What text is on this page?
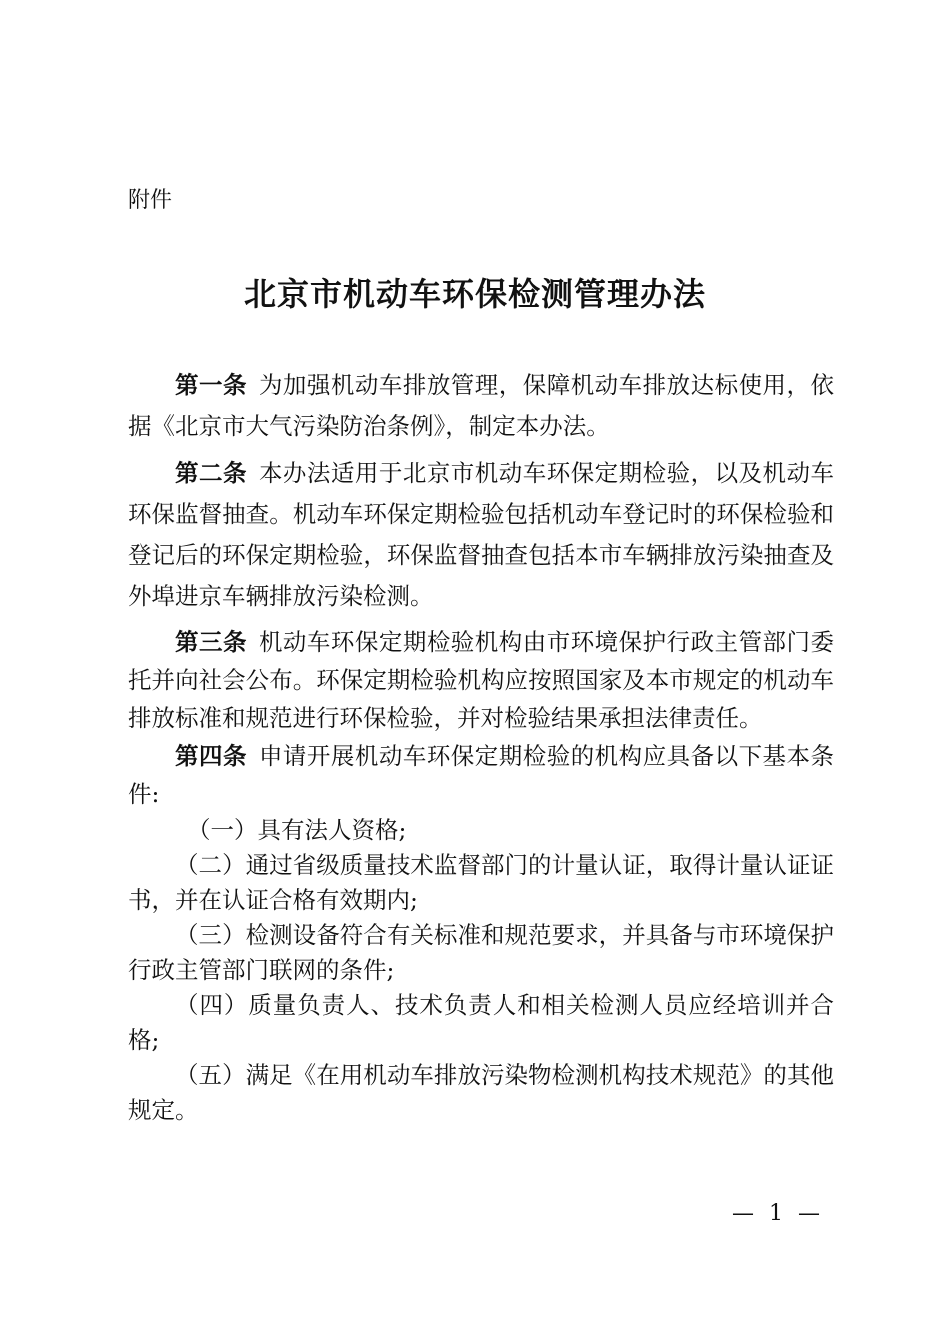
附件
北京市机动车环保检测管理办法

第一条 为加强机动车排放管理，保障机动车排放达标使用，依据《北京市大气污染防治条例》，制定本办法。

第二条 本办法适用于北京市机动车环保定期检验，以及机动车环保监督抽查。机动车环保定期检验包括机动车登记时的环保检验和登记后的环保定期检验，环保监督抽查包括本市车辆排放污染抽查及外埠进京车辆排放污染检测。

第三条 机动车环保定期检验机构由市环境保护行政主管部门委托并向社会公布。环保定期检验机构应按照国家及本市规定的机动车排放标准和规范进行环保检验，并对检验结果承担法律责任。

第四条 申请开展机动车环保定期检验的机构应具备以下基本条件:

（一）具有法人资格;

（二）通过省级质量技术监督部门的计量认证，取得计量认证证书，并在认证合格有效期内;

（三）检测设备符合有关标准和规范要求，并具备与市环境保护行政主管部门联网的条件;

（四）质量负责人、技术负责人和相关检测人员应经培训并合格;

（五）满足《在用机动车排放污染物检测机构技术规范》的其他规定。

— 1 —
